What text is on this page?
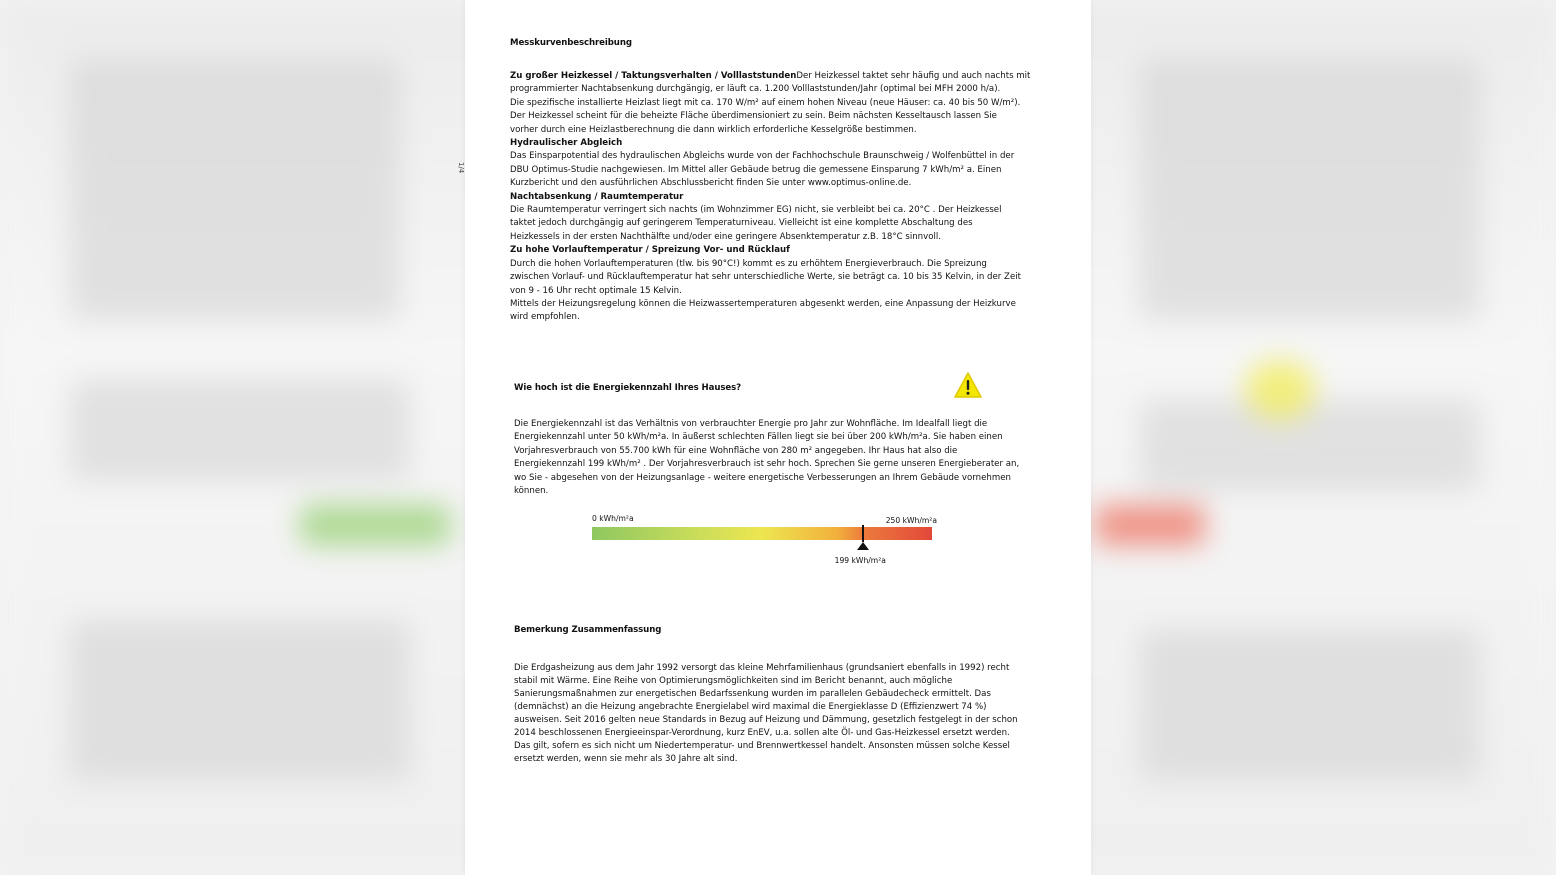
1/4
Messkurvenbeschreibung
Zu großer Heizkessel / Taktungsverhalten / VolllaststundenDer Heizkessel taktet sehr häufig und auch nachts mit
programmierter Nachtabsenkung durchgängig, er läuft ca. 1.200 Volllaststunden/Jahr (optimal bei MFH 2000 h/a).
Die spezifische installierte Heizlast liegt mit ca. 170 W/m² auf einem hohen Niveau (neue Häuser: ca. 40 bis 50 W/m²).
Der Heizkessel scheint für die beheizte Fläche überdimensioniert zu sein. Beim nächsten Kesseltausch lassen Sie
vorher durch eine Heizlastberechnung die dann wirklich erforderliche Kesselgröße bestimmen.
Hydraulischer Abgleich
Das Einsparpotential des hydraulischen Abgleichs wurde von der Fachhochschule Braunschweig / Wolfenbüttel in der
DBU Optimus-Studie nachgewiesen. Im Mittel aller Gebäude betrug die gemessene Einsparung 7 kWh/m² a. Einen
Kurzbericht und den ausführlichen Abschlussbericht finden Sie unter www.optimus-online.de.
Nachtabsenkung / Raumtemperatur
Die Raumtemperatur verringert sich nachts (im Wohnzimmer EG) nicht, sie verbleibt bei ca. 20°C . Der Heizkessel
taktet jedoch durchgängig auf geringerem Temperaturniveau. Vielleicht ist eine komplette Abschaltung des
Heizkessels in der ersten Nachthälfte und/oder eine geringere Absenktemperatur z.B. 18°C sinnvoll.
Zu hohe Vorlauftemperatur / Spreizung Vor- und Rücklauf
Durch die hohen Vorlauftemperaturen (tlw. bis 90°C!) kommt es zu erhöhtem Energieverbrauch. Die Spreizung
zwischen Vorlauf- und Rücklauftemperatur hat sehr unterschiedliche Werte, sie beträgt ca. 10 bis 35 Kelvin, in der Zeit
von 9 - 16 Uhr recht optimale 15 Kelvin.
Mittels der Heizungsregelung können die Heizwassertemperaturen abgesenkt werden, eine Anpassung der Heizkurve
wird empfohlen.
Wie hoch ist die Energiekennzahl Ihres Hauses?
Die Energiekennzahl ist das Verhältnis von verbrauchter Energie pro Jahr zur Wohnfläche. Im Idealfall liegt die
Energiekennzahl unter 50 kWh/m²a. In äußerst schlechten Fällen liegt sie bei über 200 kWh/m²a. Sie haben einen
Vorjahresverbrauch von 55.700 kWh für eine Wohnfläche von 280 m² angegeben. Ihr Haus hat also die
Energiekennzahl 199 kWh/m² . Der Vorjahresverbrauch ist sehr hoch. Sprechen Sie gerne unseren Energieberater an,
wo Sie - abgesehen von der Heizungsanlage - weitere energetische Verbesserungen an Ihrem Gebäude vornehmen
können.
0 kWh/m²a	250 kWh/m²a
199 kWh/m²a
Bemerkung Zusammenfassung
Die Erdgasheizung aus dem Jahr 1992 versorgt das kleine Mehrfamilienhaus (grundsaniert ebenfalls in 1992) recht
stabil mit Wärme. Eine Reihe von Optimierungsmöglichkeiten sind im Bericht benannt, auch mögliche
Sanierungsmaßnahmen zur energetischen Bedarfssenkung wurden im parallelen Gebäudecheck ermittelt. Das
(demnächst) an die Heizung angebrachte Energielabel wird maximal die Energieklasse D (Effizienzwert 74 %)
ausweisen. Seit 2016 gelten neue Standards in Bezug auf Heizung und Dämmung, gesetzlich festgelegt in der schon
2014 beschlossenen Energieeinspar-Verordnung, kurz EnEV, u.a. sollen alte Öl- und Gas-Heizkessel ersetzt werden.
Das gilt, sofern es sich nicht um Niedertemperatur- und Brennwertkessel handelt. Ansonsten müssen solche Kessel
ersetzt werden, wenn sie mehr als 30 Jahre alt sind.
